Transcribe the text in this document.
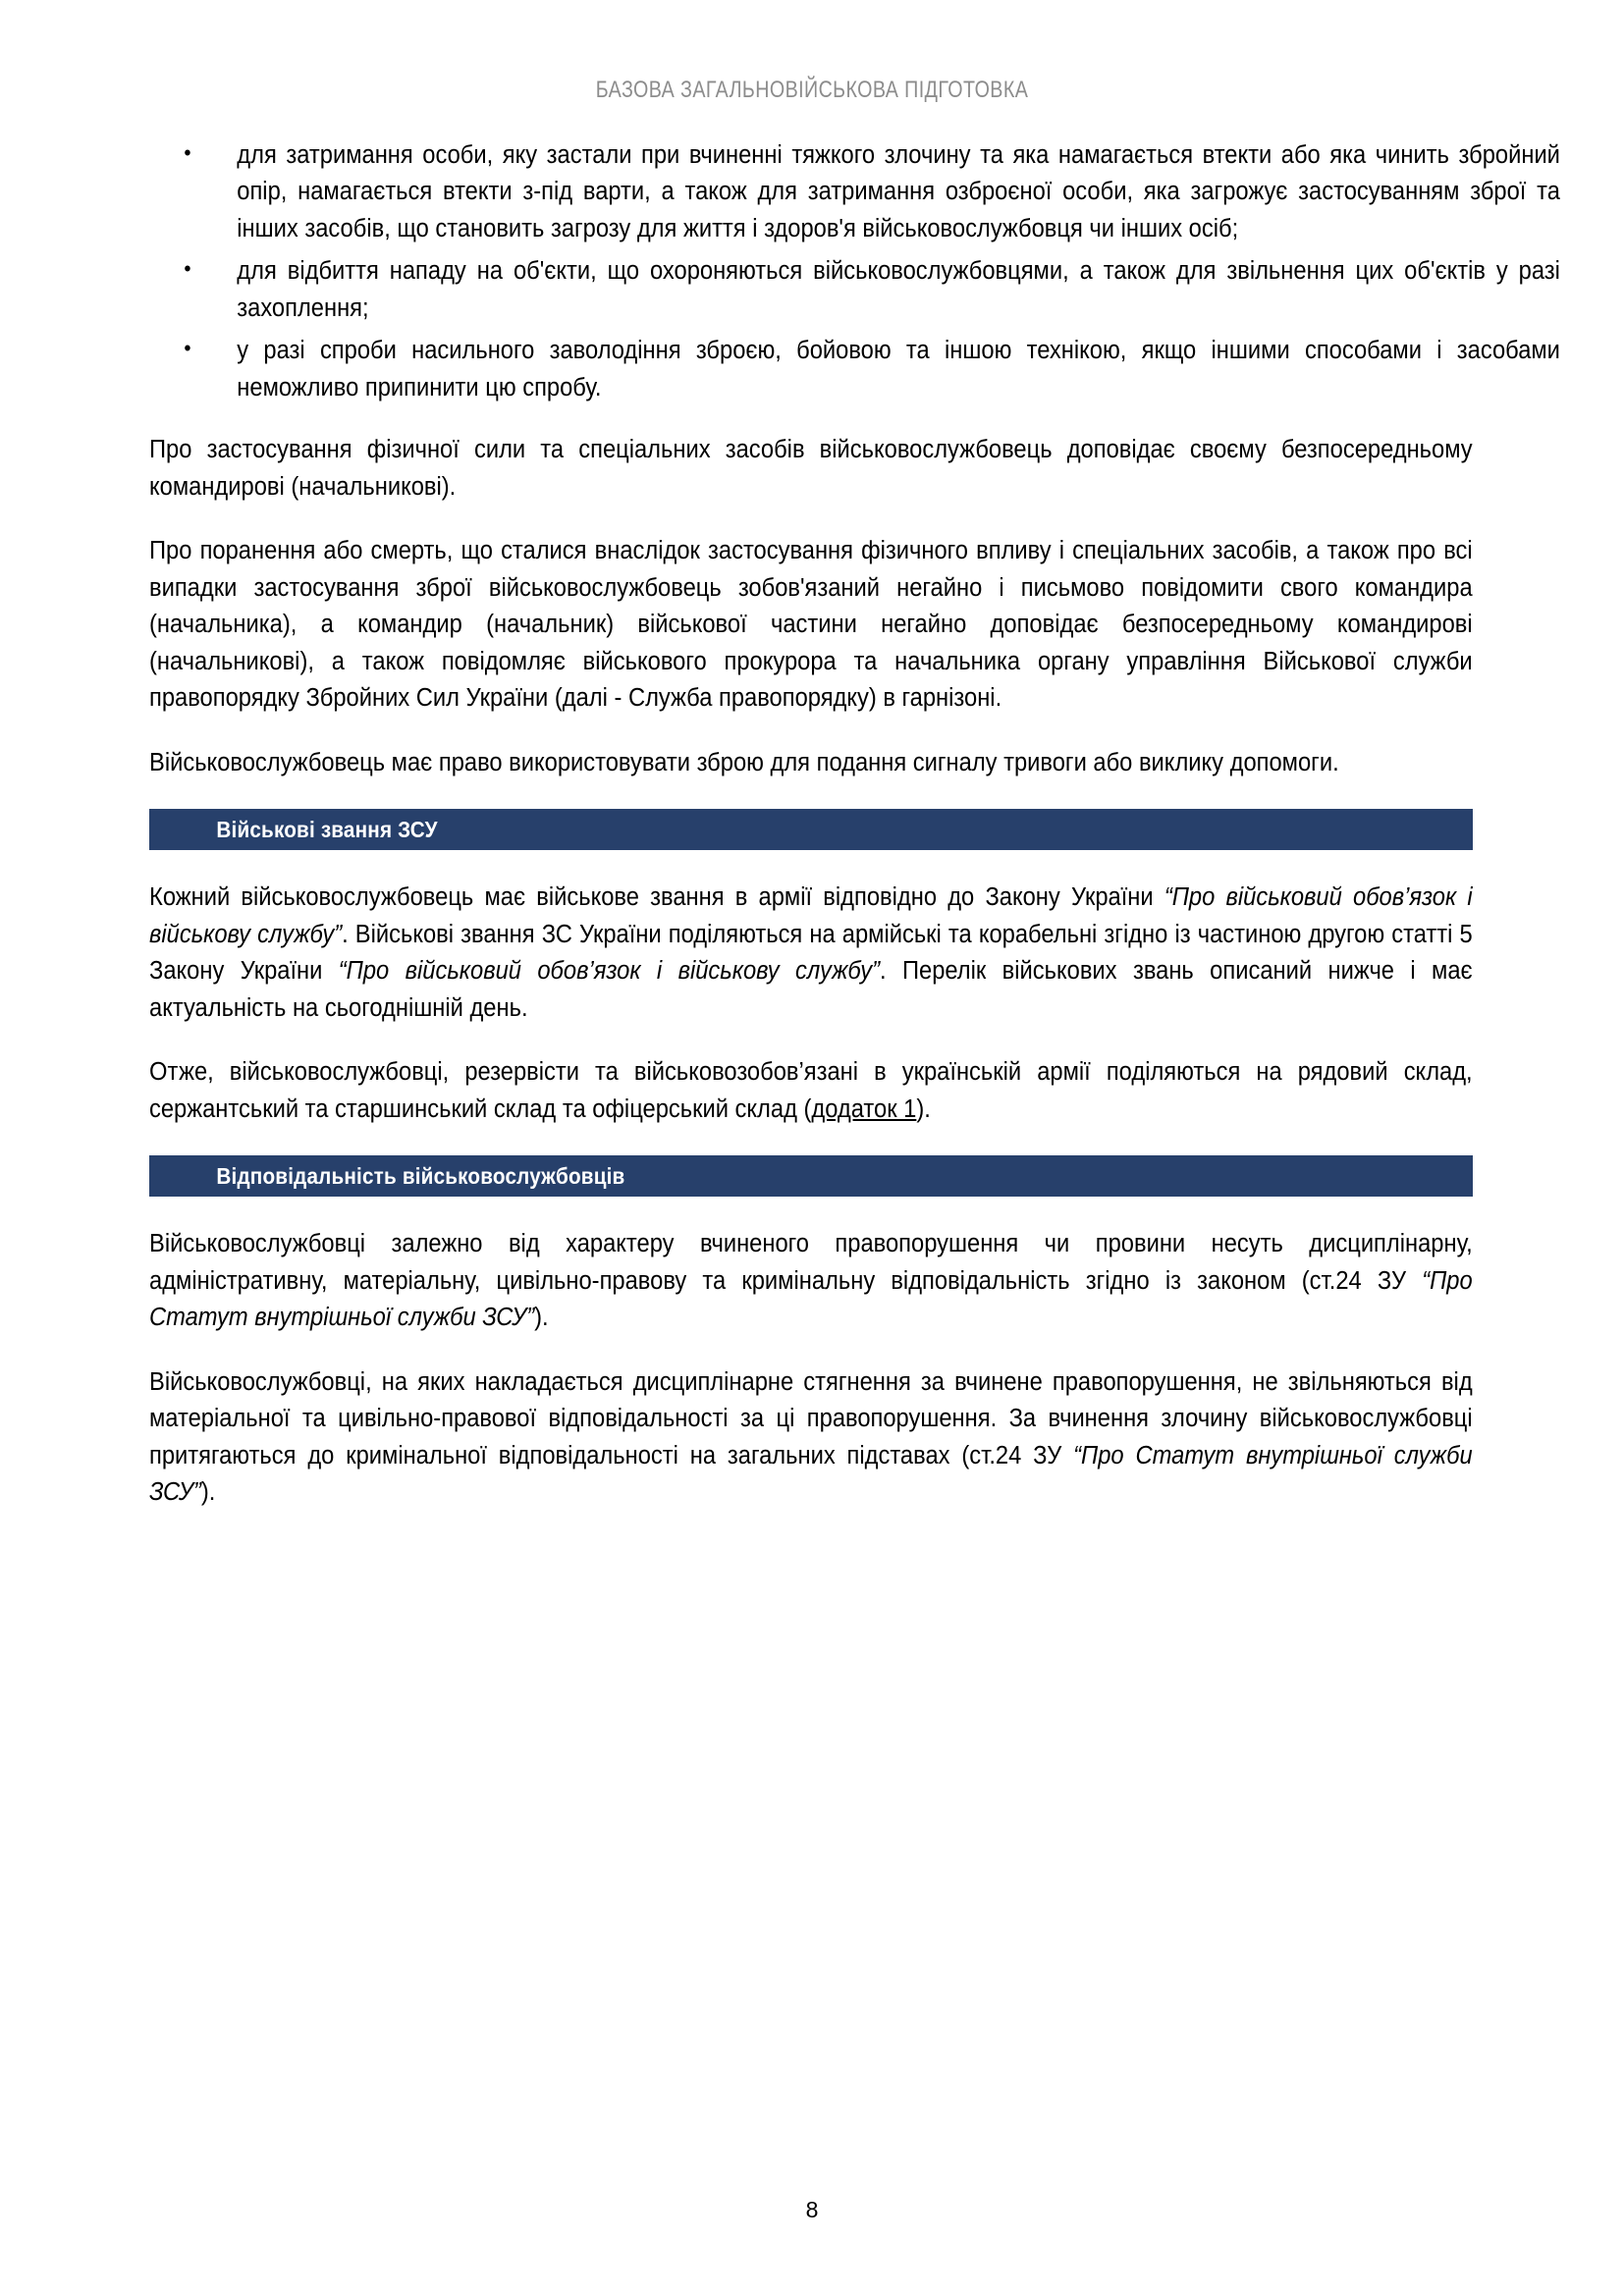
БАЗОВА ЗАГАЛЬНОВІЙСЬКОВА ПІДГОТОВКА
• для затримання особи, яку застали при вчиненні тяжкого злочину та яка намагається втекти або яка чинить збройний опір, намагається втекти з-під варти, а також для затримання озброєної особи, яка загрожує застосуванням зброї та інших засобів, що становить загрозу для життя і здоров'я військовослужбовця чи інших осіб;
• для відбиття нападу на об'єкти, що охороняються військовослужбовцями, а також для звільнення цих об'єктів у разі захоплення;
• у разі спроби насильного заволодіння зброєю, бойовою та іншою технікою, якщо іншими способами і засобами неможливо припинити цю спробу.

Про застосування фізичної сили та спеціальних засобів військовослужбовець доповідає своєму безпосередньому командирові (начальникові).

Про поранення або смерть, що сталися внаслідок застосування фізичного впливу і спеціальних засобів, а також про всі випадки застосування зброї військовослужбовець зобов'язаний негайно і письмово повідомити свого командира (начальника), а командир (начальник) військової частини негайно доповідає безпосередньому командирові (начальникові), а також повідомляє військового прокурора та начальника органу управління Військової служби правопорядку Збройних Сил України (далі - Служба правопорядку) в гарнізоні.

Військовослужбовець має право використовувати зброю для подання сигналу тривоги або виклику допомоги.

Військові звання ЗСУ

Кожний військовослужбовець має військове звання в армії відповідно до Закону України “Про військовий обов’язок і військову службу”. Військові звання ЗС України поділяються на армійські та корабельні згідно із частиною другою статті 5 Закону України “Про військовий обов’язок і військову службу”. Перелік військових звань описаний нижче і має актуальність на сьогоднішній день.

Отже, військовослужбовці, резервісти та військовозобов’язані в українській армії поділяються на рядовий склад, сержантський та старшинський склад та офіцерський склад (додаток 1).

Відповідальність військовослужбовців

Військовослужбовці залежно від характеру вчиненого правопорушення чи провини несуть дисциплінарну, адміністративну, матеріальну, цивільно-правову та кримінальну відповідальність згідно із законом (ст.24 ЗУ “Про Статут внутрішньої служби ЗСУ”).

Військовослужбовці, на яких накладається дисциплінарне стягнення за вчинене правопорушення, не звільняються від матеріальної та цивільно-правової відповідальності за ці правопорушення. За вчинення злочину військовослужбовці притягаються до кримінальної відповідальності на загальних підставах (ст.24 ЗУ “Про Статут внутрішньої служби ЗСУ”).

8
